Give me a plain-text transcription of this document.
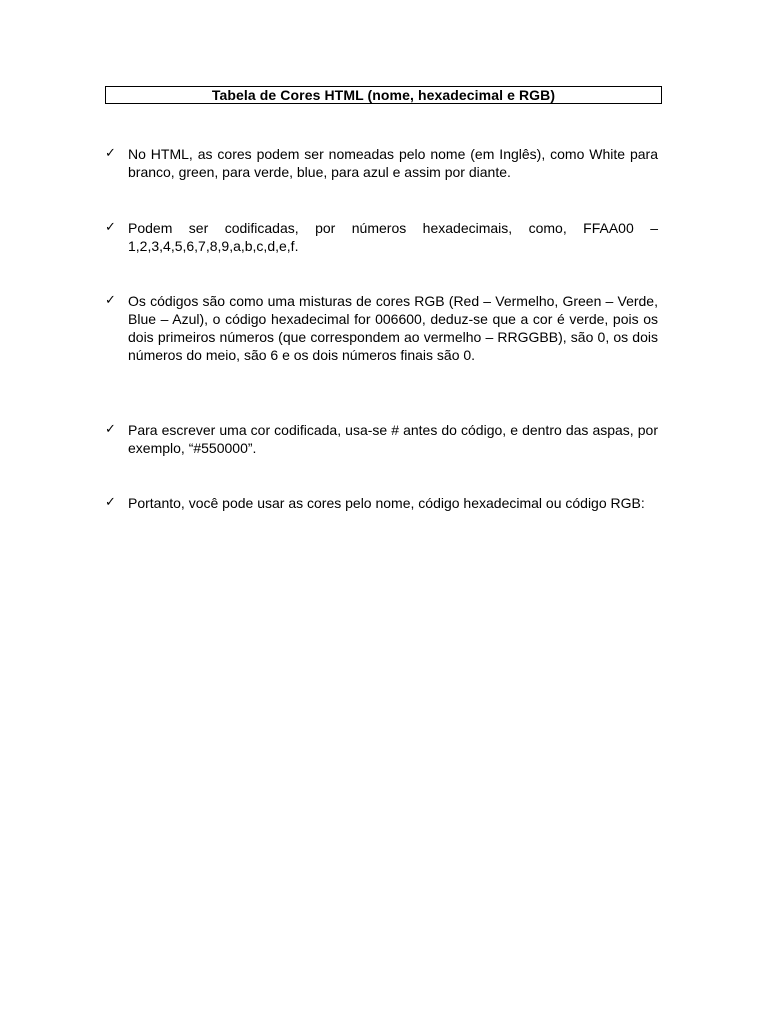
Tabela de Cores HTML (nome, hexadecimal e RGB)
✓ No HTML, as cores podem ser nomeadas pelo nome (em Inglês), como White para branco, green, para verde, blue, para azul e assim por diante.
✓ Podem ser codificadas, por números hexadecimais, como, FFAA00 – 1,2,3,4,5,6,7,8,9,a,b,c,d,e,f.
✓ Os códigos são como uma misturas de cores RGB (Red – Vermelho, Green – Verde, Blue – Azul), o código hexadecimal for 006600, deduz-se que a cor é verde, pois os dois primeiros números (que correspondem ao vermelho – RRGGBB), são 0, os dois números do meio, são 6 e os dois números finais são 0.
✓ Para escrever uma cor codificada, usa-se # antes do código, e dentro das aspas, por exemplo, “#550000”.
✓ Portanto, você pode usar as cores pelo nome, código hexadecimal ou código RGB:
